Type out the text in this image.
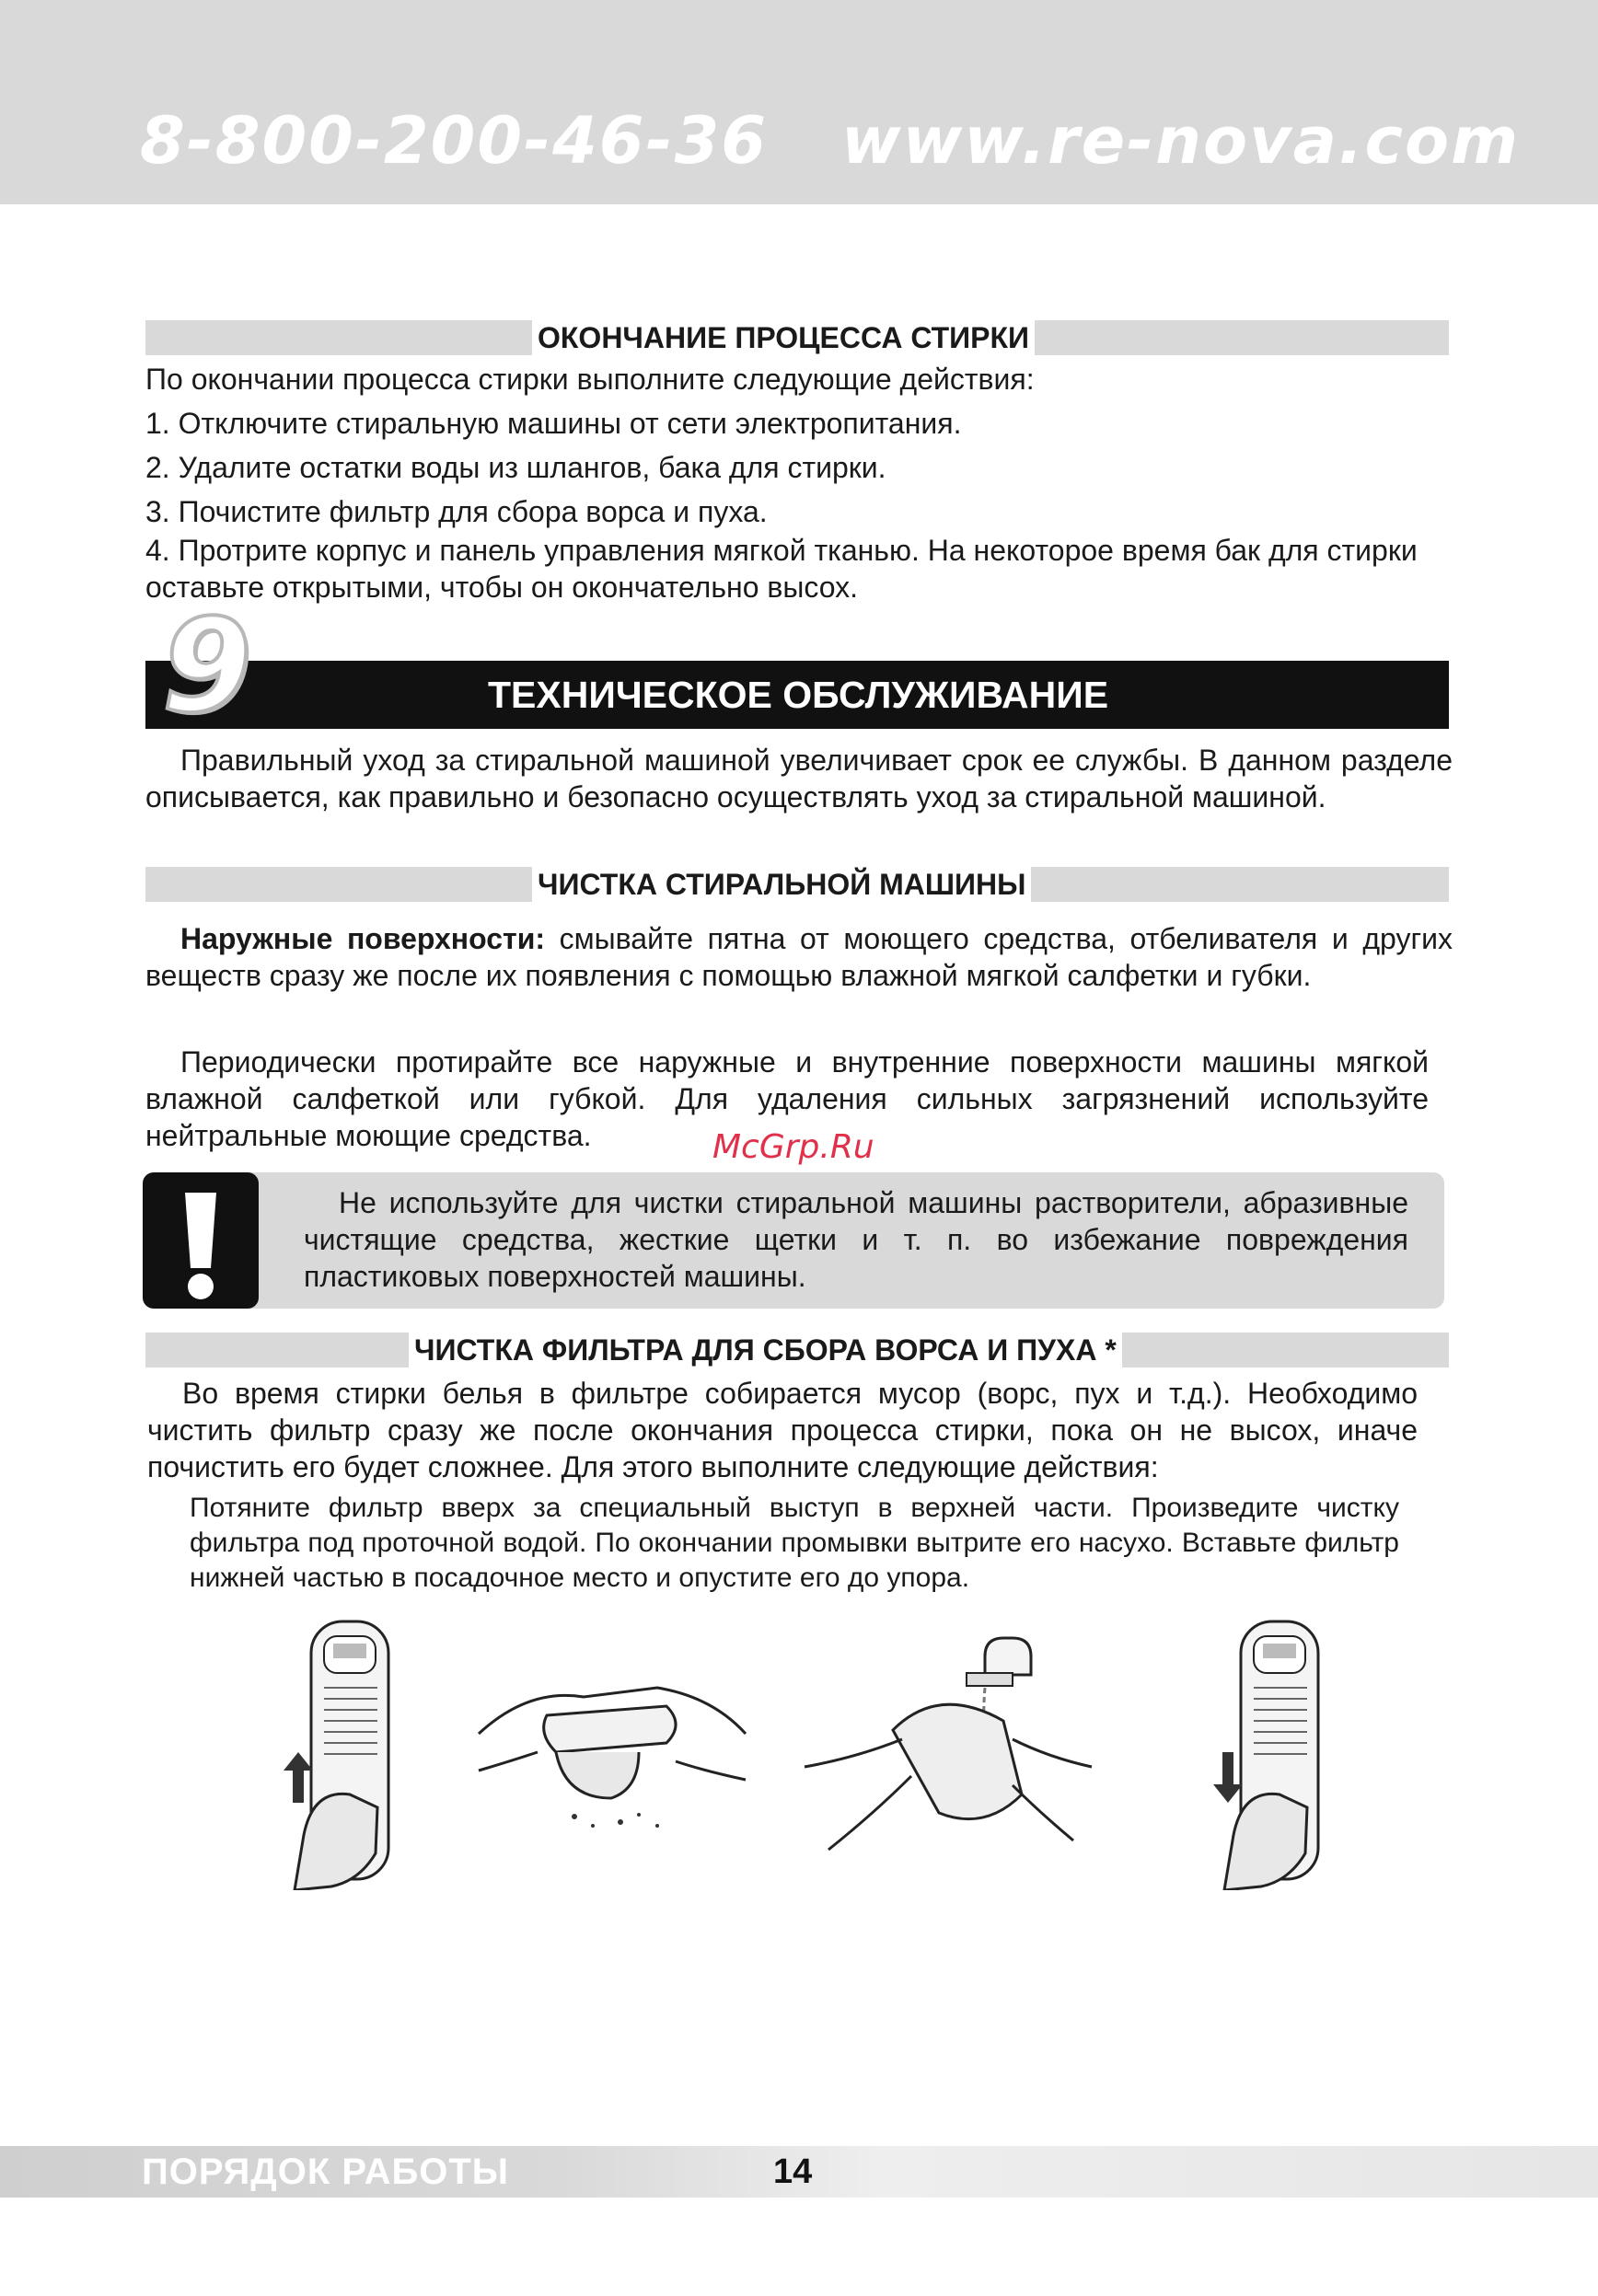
8-800-200-46-36 www.re-nova.com
ОКОНЧАНИЕ ПРОЦЕССА СТИРКИ

По окончании процесса стирки выполните следующие действия:

1. Отключите стиральную машины от сети электропитания.

2. Удалите остатки воды из шлангов, бака для стирки.

3. Почистите фильтр для сбора ворса и пуха.

4. Протрите корпус и панель управления мягкой тканью. На некоторое время бак для стирки оставьте открытыми, чтобы он окончательно высох.

9	ТЕХНИЧЕСКОЕ ОБСЛУЖИВАНИЕ

Правильный уход за стиральной машиной увеличивает срок ее службы. В данном разделе описывается, как правильно и безопасно осуществлять уход за стиральной машиной.

ЧИСТКА СТИРАЛЬНОЙ МАШИНЫ

Наружные поверхности: смывайте пятна от моющего средства, отбеливателя и других веществ сразу же после их появления с помощью влажной мягкой салфетки и губки.

Периодически протирайте все наружные и внутренние поверхности машины мягкой влажной салфеткой или губкой. Для удаления сильных загрязнений используйте нейтральные моющие средства.	McGrp.Ru

Не используйте для чистки стиральной машины растворители, абразивные чистящие средства, жесткие щетки и т. п. во избежание повреждения пластиковых поверхностей машины.

ЧИСТКА ФИЛЬТРА ДЛЯ СБОРА ВОРСА И ПУХА *

Во время стирки белья в фильтре собирается мусор (ворс, пух и т.д.). Необходимо чистить фильтр сразу же после окончания процесса стирки, пока он не высох, иначе почистить его будет сложнее. Для этого выполните следующие действия:

Потяните фильтр вверх за специальный выступ в верхней части. Произведите чистку фильтра под проточной водой. По окончании промывки вытрите его насухо. Вставьте фильтр нижней частью в посадочное место и опустите его до упора.

ПОРЯДОК РАБОТЫ	14
